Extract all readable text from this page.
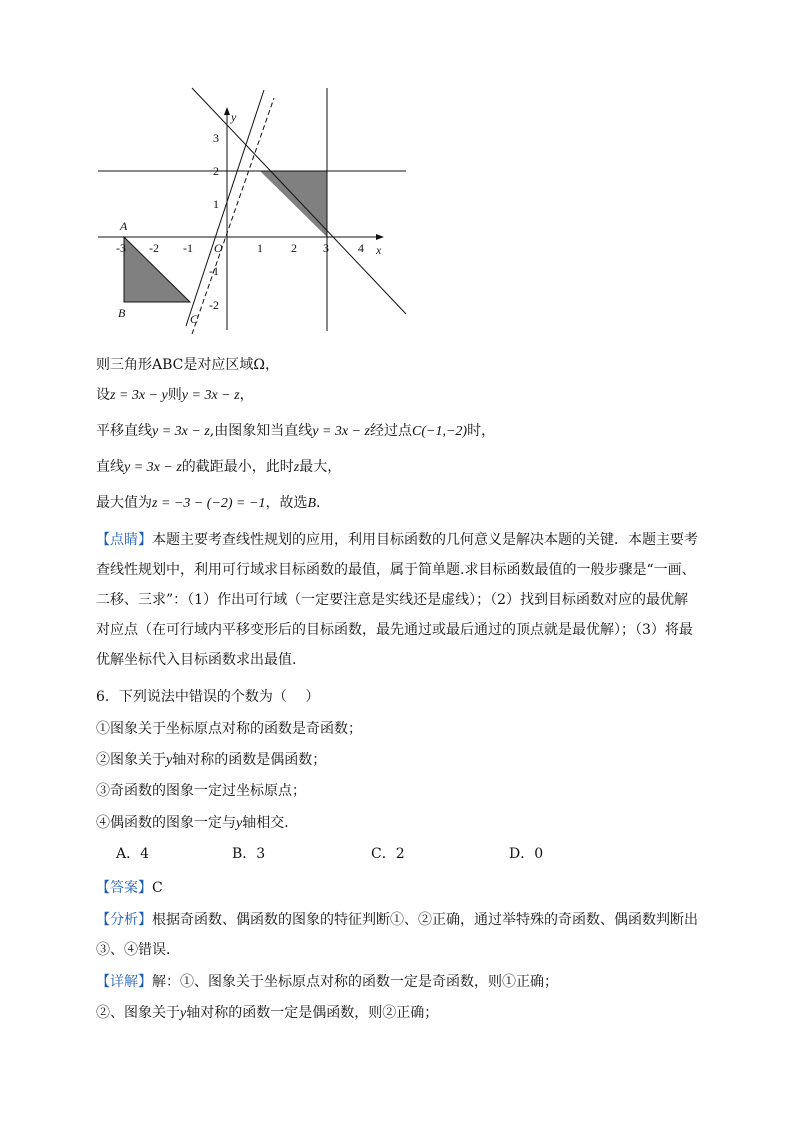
y
x
O
-3 -2 -1	1 2 3 4
3
2
1
-1
-2
A
B	C
则三角形ABC是对应区域Ω，
设z = 3x − y则y = 3x − z，
平移直线y = 3x − z,由图象知当直线y = 3x − z经过点C(−1,−2)时，
直线y = 3x − z的截距最小，此时z最大，
最大值为z = −3 − (−2) = −1，故选B.
【点睛】本题主要考查线性规划的应用，利用目标函数的几何意义是解决本题的关键．本题主要考查线性规划中，利用可行域求目标函数的最值，属于简单题.求目标函数最值的一般步骤是“一画、二移、三求”：（1）作出可行域（一定要注意是实线还是虚线）；（2）找到目标函数对应的最优解对应点（在可行域内平移变形后的目标函数，最先通过或最后通过的顶点就是最优解）；（3）将最优解坐标代入目标函数求出最值.
6．下列说法中错误的个数为（　 ）
①图象关于坐标原点对称的函数是奇函数；
②图象关于y轴对称的函数是偶函数；
③奇函数的图象一定过坐标原点；
④偶函数的图象一定与y轴相交．
A．4	B．3	C．2	D．0
【答案】C
【分析】根据奇函数、偶函数的图象的特征判断①、②正确，通过举特殊的奇函数、偶函数判断出③、④错误．
【详解】解：①、图象关于坐标原点对称的函数一定是奇函数，则①正确；
②、图象关于y轴对称的函数一定是偶函数，则②正确；
